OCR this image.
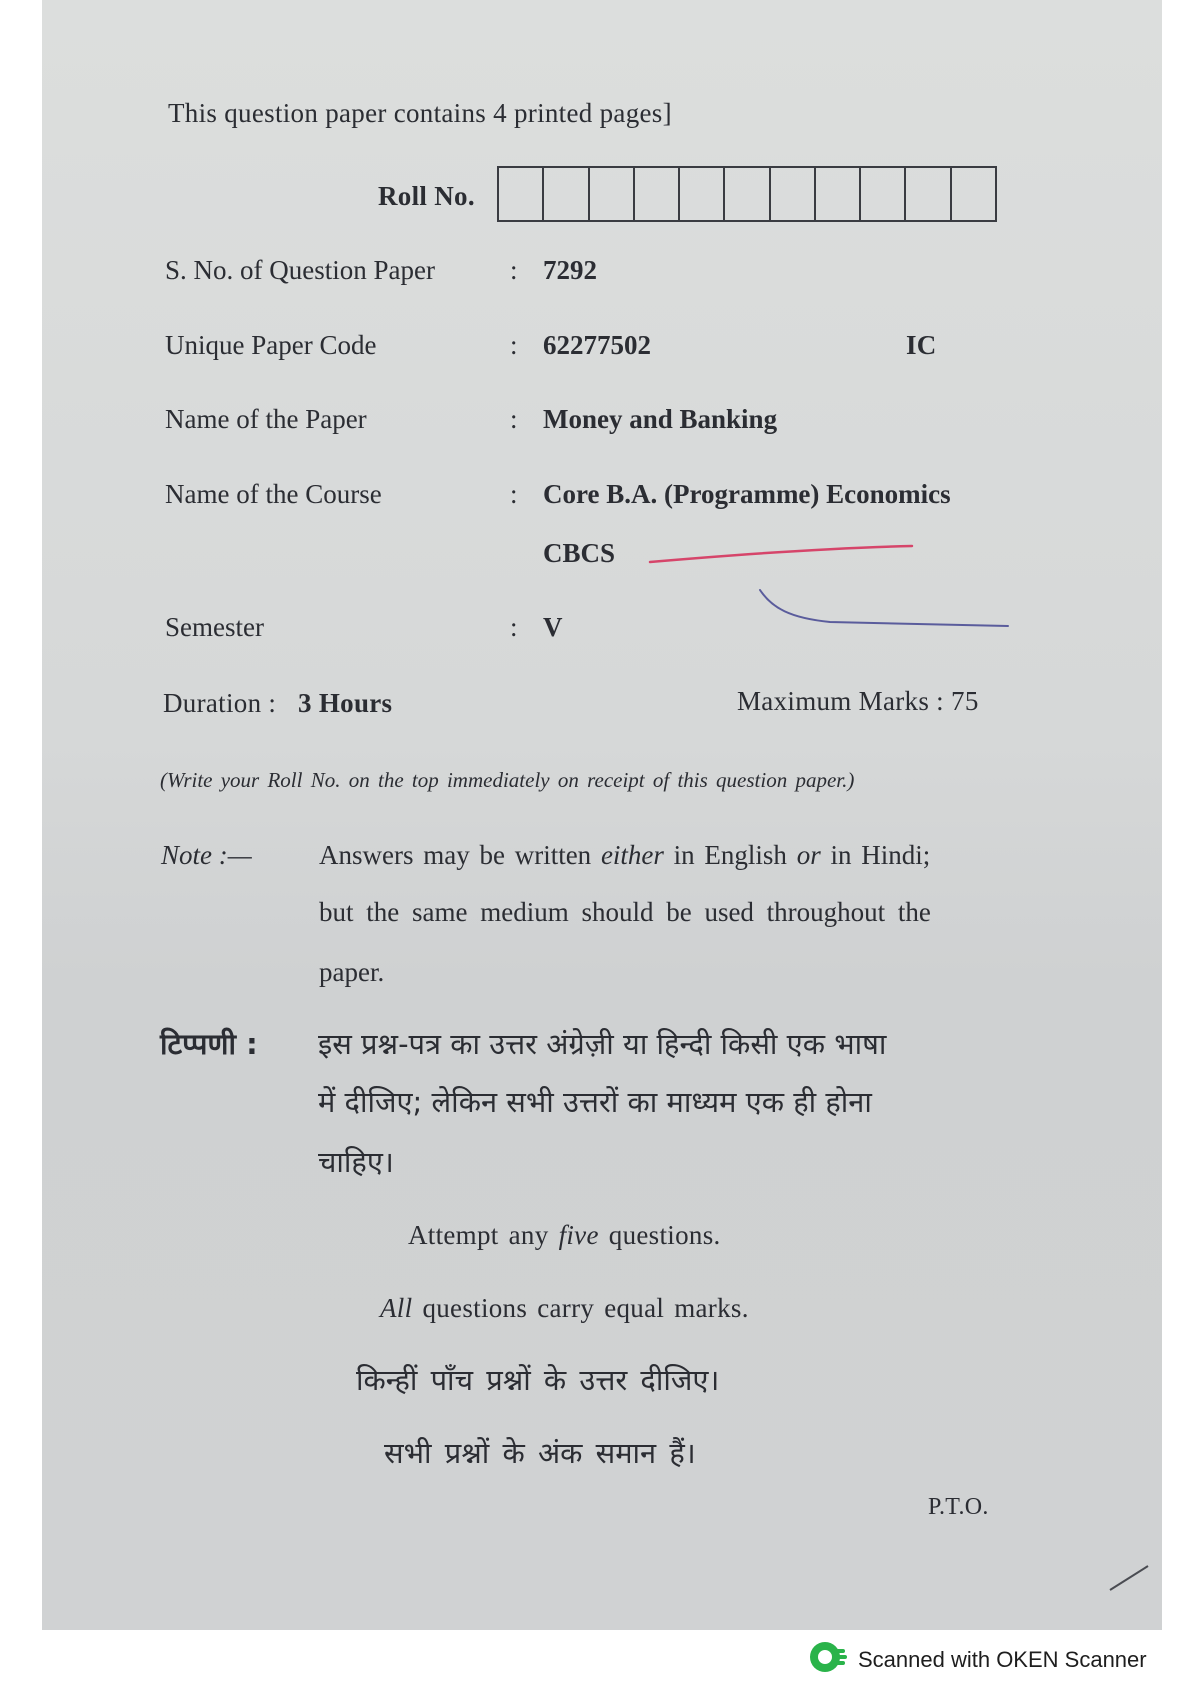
This question paper contains 4 printed pages]
Roll No.
S. No. of Question Paper	: 7292
Unique Paper Code	: 62277502	IC
Name of the Paper	: Money and Banking
Name of the Course	: Core B.A. (Programme) Economics
CBCS
Semester	: V
Duration : 3 Hours	Maximum Marks : 75
(Write your Roll No. on the top immediately on receipt of this question paper.)
Note :— Answers may be written either in English or in Hindi;
but the same medium should be used throughout the
paper.
टिप्पणी : इस प्रश्न-पत्र का उत्तर अंग्रेज़ी या हिन्दी किसी एक भाषा
में दीजिए; लेकिन सभी उत्तरों का माध्यम एक ही होना
चाहिए।
Attempt any five questions.
All questions carry equal marks.
किन्हीं पाँच प्रश्नों के उत्तर दीजिए।
सभी प्रश्नों के अंक समान हैं।
P.T.O.
Scanned with OKEN Scanner
